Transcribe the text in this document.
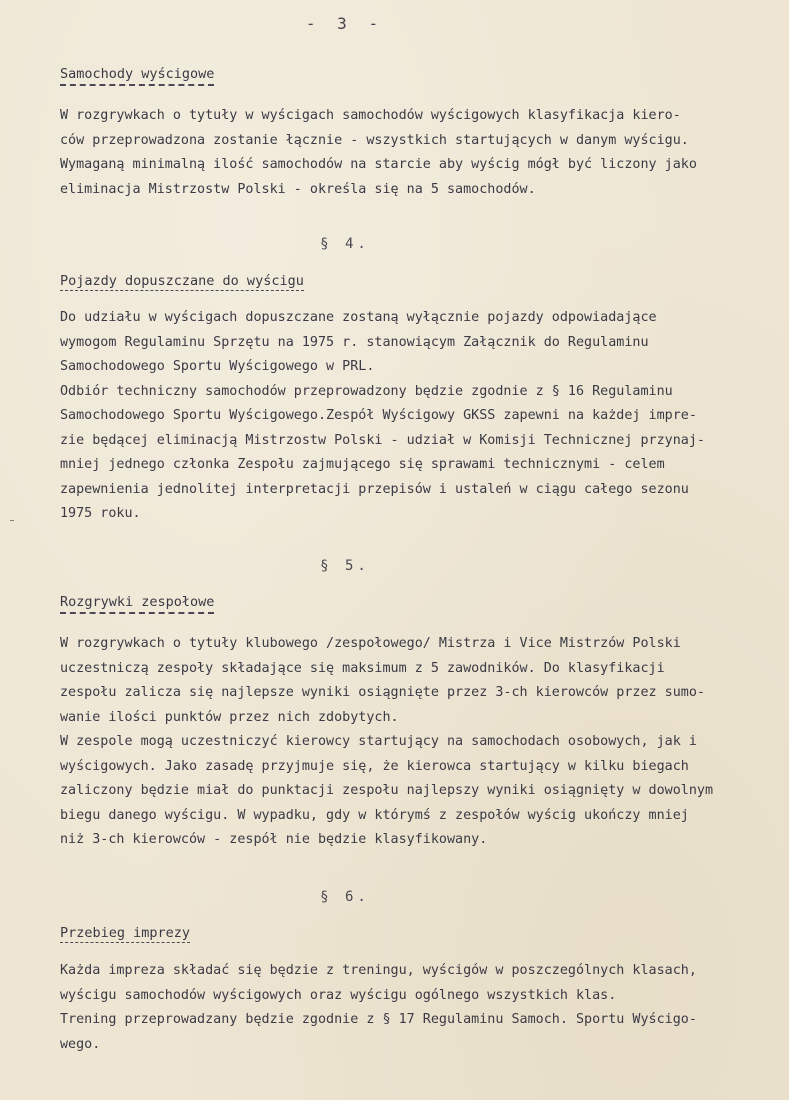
- 3 -
Samochody wyścigowe
W rozgrywkach o tytuły w wyścigach samochodów wyścigowych klasyfikacja kiero-
ców przeprowadzona zostanie łącznie - wszystkich startujących w danym wyścigu.
Wymaganą minimalną ilość samochodów na starcie aby wyścig mógł być liczony jako
eliminacja Mistrzostw Polski - określa się na 5 samochodów.
§ 4.
Pojazdy dopuszczane do wyścigu
Do udziału w wyścigach dopuszczane zostaną wyłącznie pojazdy odpowiadające
wymogom Regulaminu Sprzętu na 1975 r. stanowiącym Załącznik do Regulaminu
Samochodowego Sportu Wyścigowego w PRL.
Odbiór techniczny samochodów przeprowadzony będzie zgodnie z § 16 Regulaminu
Samochodowego Sportu Wyścigowego.Zespół Wyścigowy GKSS zapewni na każdej impre-
zie będącej eliminacją Mistrzostw Polski - udział w Komisji Technicznej przynaj-
mniej jednego członka Zespołu zajmującego się sprawami technicznymi - celem
zapewnienia jednolitej interpretacji przepisów i ustaleń w ciągu całego sezonu
1975 roku.
§ 5.
Rozgrywki zespołowe
W rozgrywkach o tytuły klubowego /zespołowego/ Mistrza i Vice Mistrzów Polski
uczestniczą zespoły składające się maksimum z 5 zawodników. Do klasyfikacji
zespołu zalicza się najlepsze wyniki osiągnięte przez 3-ch kierowców przez sumo-
wanie ilości punktów przez nich zdobytych.
W zespole mogą uczestniczyć kierowcy startujący na samochodach osobowych, jak i
wyścigowych. Jako zasadę przyjmuje się, że kierowca startujący w kilku biegach
zaliczony będzie miał do punktacji zespołu najlepszy wyniki osiągnięty w dowolnym
biegu danego wyścigu. W wypadku, gdy w którymś z zespołów wyścig ukończy mniej
niż 3-ch kierowców - zespół nie będzie klasyfikowany.
§ 6.
Przebieg imprezy
Każda impreza składać się będzie z treningu, wyścigów w poszczególnych klasach,
wyścigu samochodów wyścigowych oraz wyścigu ogólnego wszystkich klas.
Trening przeprowadzany będzie zgodnie z § 17 Regulaminu Samoch. Sportu Wyścigo-
wego.
